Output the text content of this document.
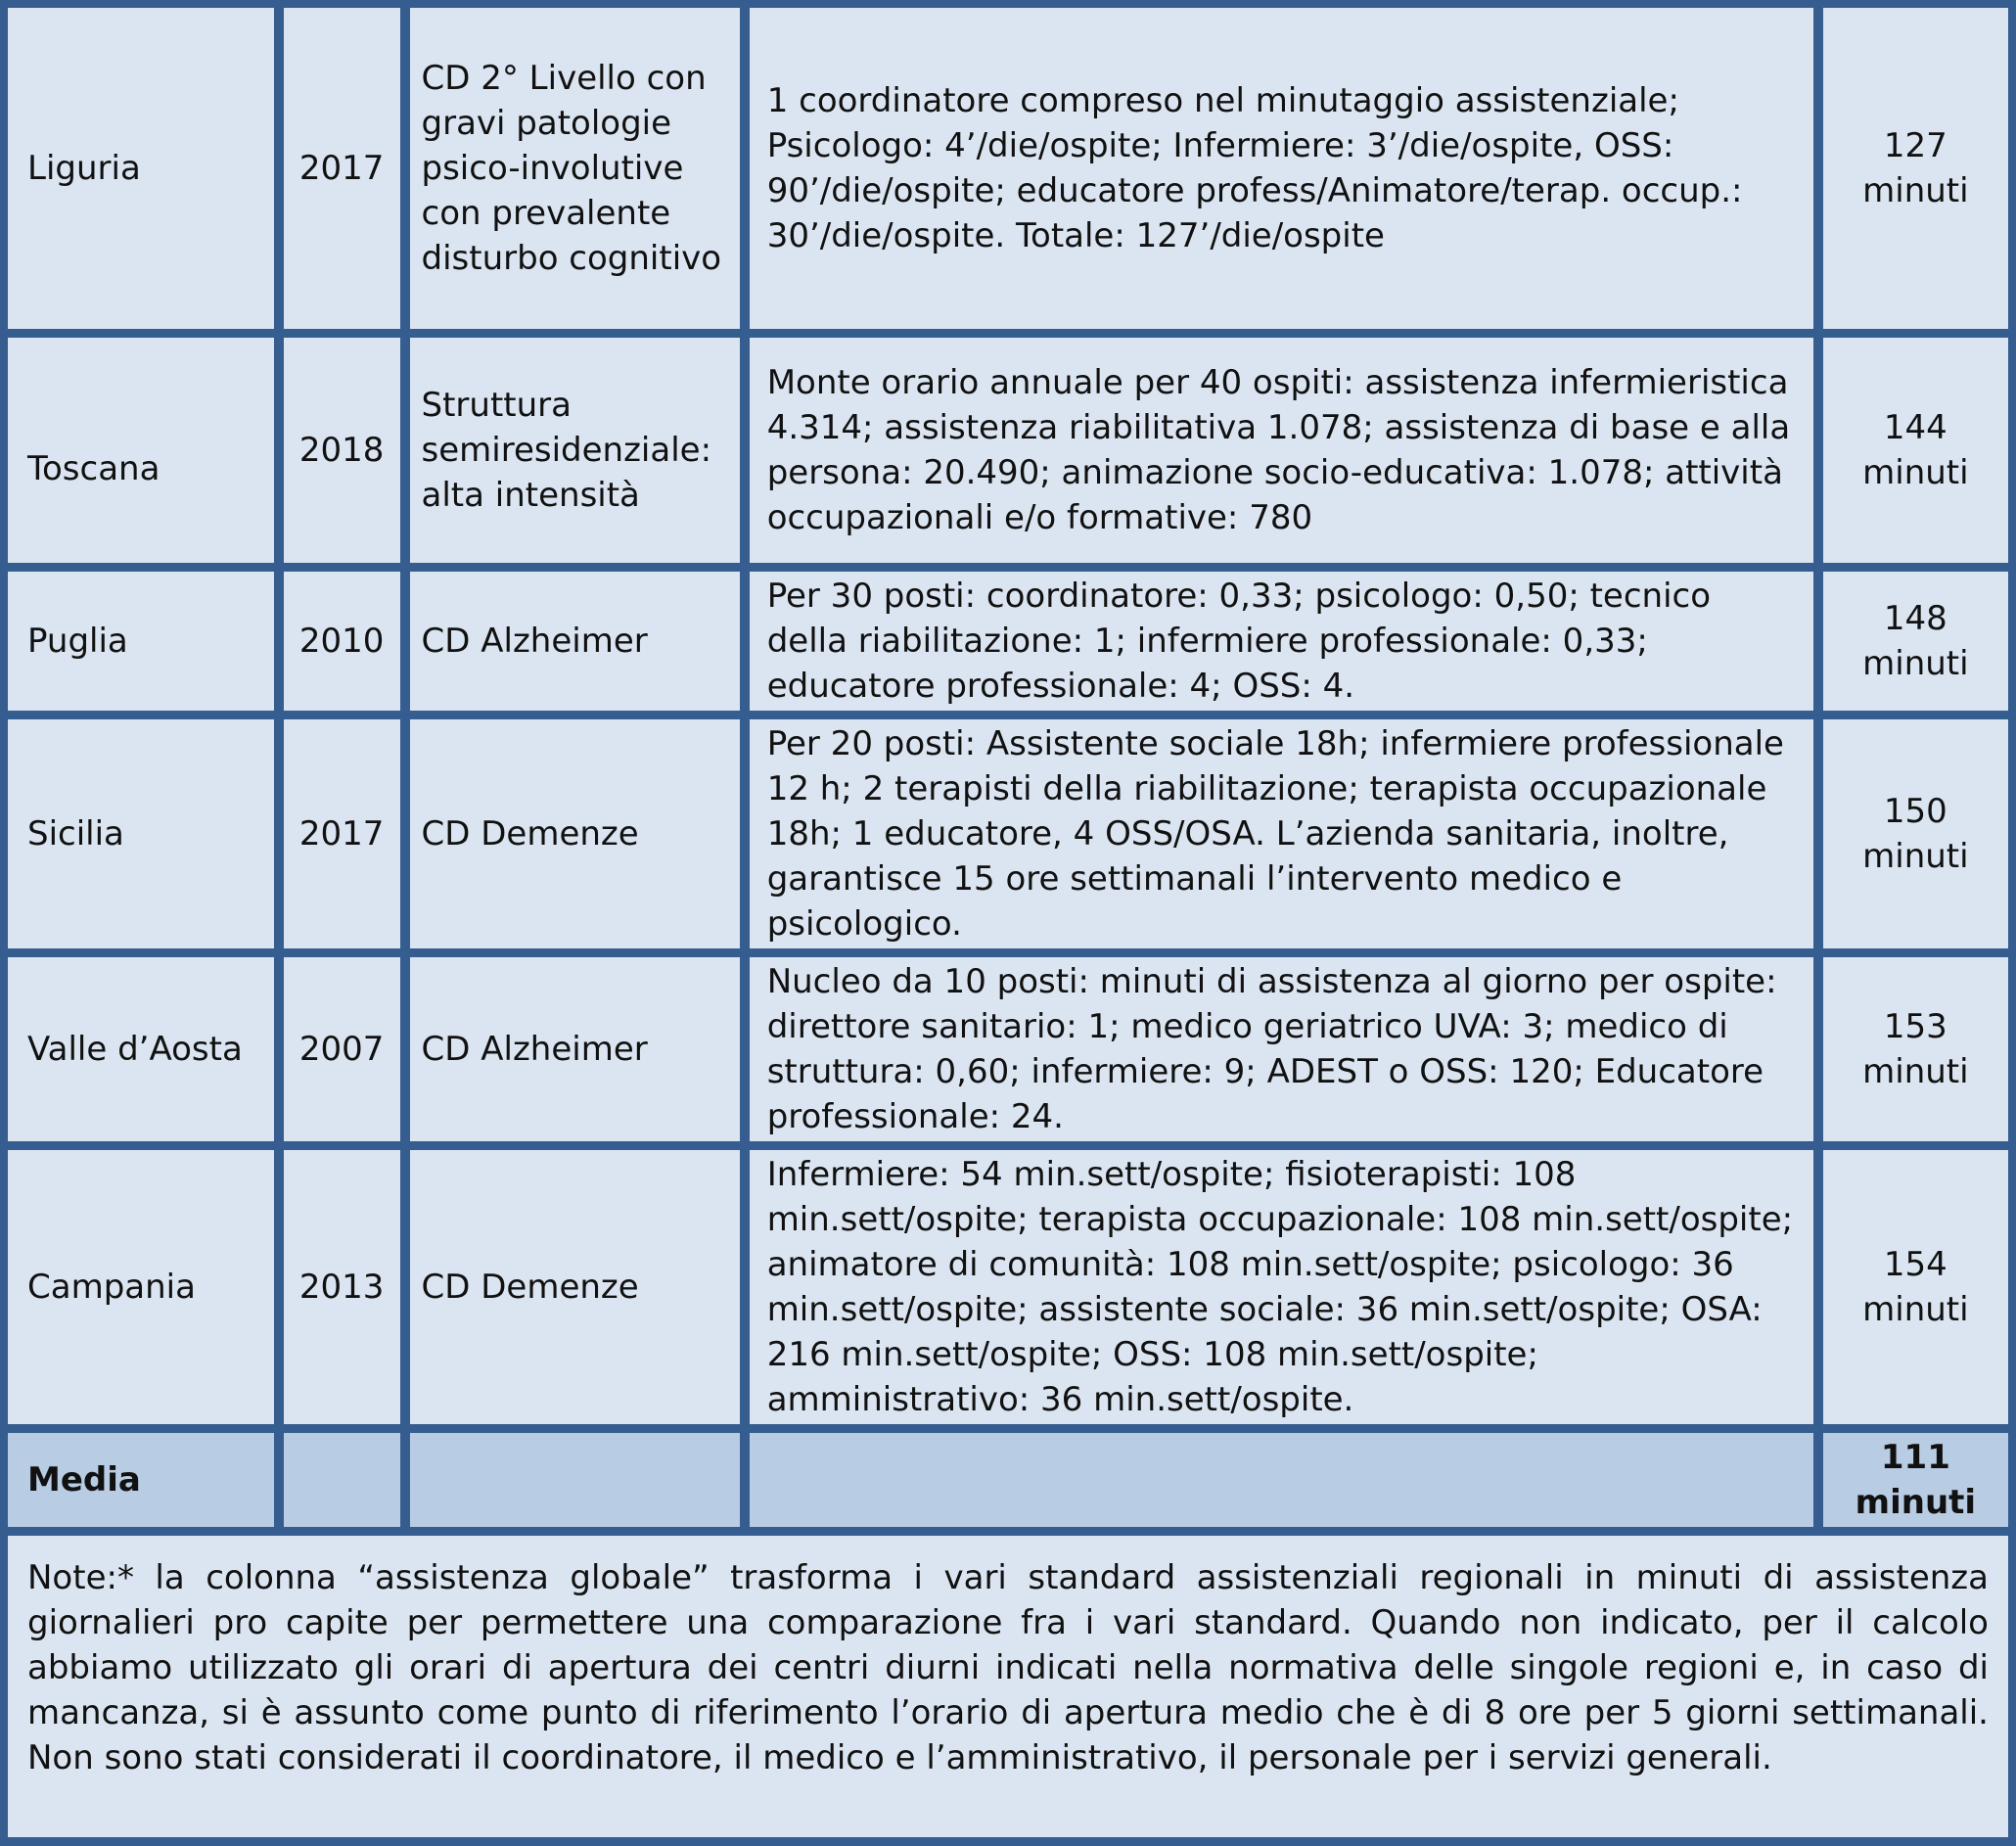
Liguria	2017	CD 2° Livello con gravi patologie psico-involutive con prevalente disturbo cognitivo	1 coordinatore compreso nel minutaggio assistenziale; Psicologo: 4’/die/ospite; Infermiere: 3’/die/ospite, OSS: 90’/die/ospite; educatore profess/Animatore/terap. occup.: 30’/die/ospite. Totale: 127’/die/ospite	127
minuti

Toscana	2018	Struttura semiresidenziale: alta intensità	Monte orario annuale per 40 ospiti: assistenza infermieristica 4.314; assistenza riabilitativa 1.078; assistenza di base e alla persona: 20.490; animazione socio-educativa: 1.078; attività occupazionali e/o formative: 780	144
minuti

Puglia	2010	CD Alzheimer	Per 30 posti: coordinatore: 0,33; psicologo: 0,50; tecnico della riabilitazione: 1; infermiere professionale: 0,33; educatore professionale: 4; OSS: 4.	148
minuti

Sicilia	2017	CD Demenze	Per 20 posti: Assistente sociale 18h; infermiere professionale 12 h; 2 terapisti della riabilitazione; terapista occupazionale 18h; 1 educatore, 4 OSS/OSA. L’azienda sanitaria, inoltre, garantisce 15 ore settimanali l’intervento medico e psicologico.	150
minuti

Valle d’Aosta	2007	CD Alzheimer	Nucleo da 10 posti: minuti di assistenza al giorno per ospite: direttore sanitario: 1; medico geriatrico UVA: 3; medico di struttura: 0,60; infermiere: 9; ADEST o OSS: 120; Educatore professionale: 24.	153
minuti

Campania	2013	CD Demenze	Infermiere: 54 min.sett/ospite; fisioterapisti: 108 min.sett/ospite; terapista occupazionale: 108 min.sett/ospite; animatore di comunità: 108 min.sett/ospite; psicologo: 36 min.sett/ospite; assistente sociale: 36 min.sett/ospite; OSA: 216 min.sett/ospite; OSS: 108 min.sett/ospite; amministrativo: 36 min.sett/ospite.	154
minuti

Media				111
minuti

Note:* la colonna “assistenza globale” trasforma i vari standard assistenziali regionali in minuti di assistenza giornalieri pro capite per permettere una comparazione fra i vari standard. Quando non indicato, per il calcolo abbiamo utilizzato gli orari di apertura dei centri diurni indicati nella normativa delle singole regioni e, in caso di mancanza, si è assunto come punto di riferimento l’orario di apertura medio che è di 8 ore per 5 giorni settimanali. Non sono stati considerati il coordinatore, il medico e l’amministrativo, il personale per i servizi generali.				
